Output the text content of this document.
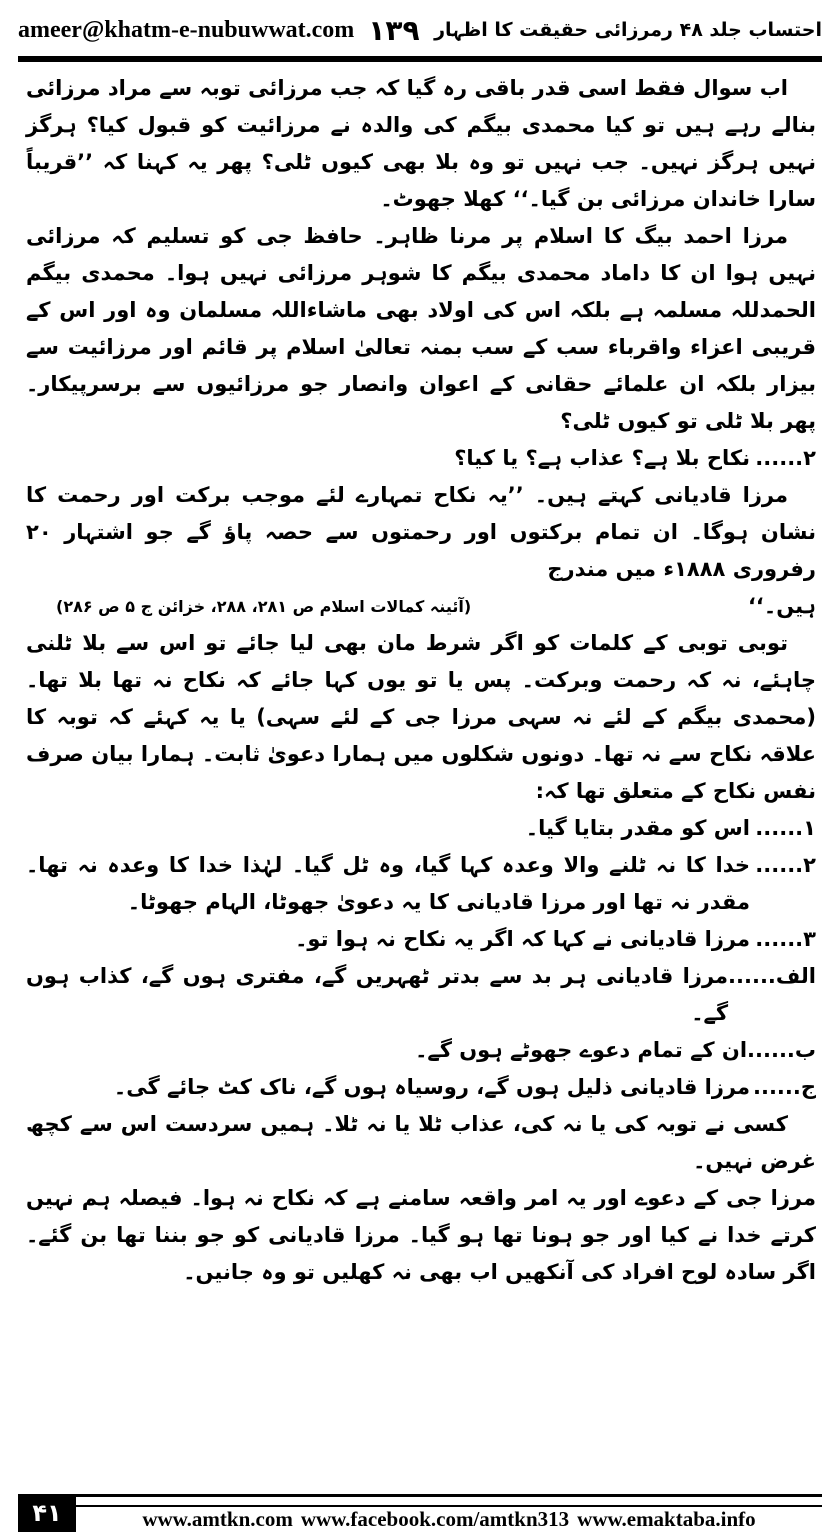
ameer@khatm-e-nubuwwat.com ۱۳۹ احتساب جلد ۴۸ رمرزائی حقیقت کا اظہار

اب سوال فقط اسی قدر باقی رہ گیا کہ جب مرزائی توبہ سے مراد مرزائی بنالے رہے ہیں تو کیا محمدی بیگم کی والدہ نے مرزائیت کو قبول کیا؟ ہرگز نہیں ہرگز نہیں۔ جب نہیں تو وہ بلا بھی کیوں ٹلی؟ پھر یہ کہنا کہ ’’قریباً سارا خاندان مرزائی بن گیا۔‘‘ کھلا جھوٹ۔

مرزا احمد بیگ کا اسلام پر مرنا ظاہر۔ حافظ جی کو تسلیم کہ مرزائی نہیں ہوا ان کا داماد محمدی بیگم کا شوہر مرزائی نہیں ہوا۔ محمدی بیگم الحمدللہ مسلمہ ہے بلکہ اس کی اولاد بھی ماشاءاللہ مسلمان وہ اور اس کے قریبی اعزاء واقرباء سب کے سب بمنہ تعالیٰ اسلام پر قائم اور مرزائیت سے بیزار بلکہ ان علمائے حقانی کے اعوان وانصار جو مرزائیوں سے برسرپیکار۔ پھر بلا ٹلی تو کیوں ٹلی؟

۲......
نکاح بلا ہے؟ عذاب ہے؟ یا کیا؟

مرزا قادیانی کہتے ہیں۔ ’’یہ نکاح تمہارے لئے موجب برکت اور رحمت کا نشان ہوگا۔ ان تمام برکتوں اور رحمتوں سے حصہ پاؤ گے جو اشتہار ۲۰ رفروری ۱۸۸۸ء میں مندرج

ہیں۔‘‘
(آئینہ کمالات اسلام ص ۲۸۱، ۲۸۸، خزائن ج ۵ ص ۲۸۶)

توبی توبی کے کلمات کو اگر شرط مان بھی لیا جائے تو اس سے بلا ٹلنی چاہئے، نہ کہ رحمت وبرکت۔ پس یا تو یوں کہا جائے کہ نکاح نہ تھا بلا تھا۔ (محمدی بیگم کے لئے نہ سہی مرزا جی کے لئے سہی) یا یہ کہئے کہ توبہ کا علاقہ نکاح سے نہ تھا۔ دونوں شکلوں میں ہمارا دعویٰ ثابت۔ ہمارا بیان صرف نفس نکاح کے متعلق تھا کہ:

۱......
اس کو مقدر بتایا گیا۔
۲......
خدا کا نہ ٹلنے والا وعدہ کہا گیا، وہ ٹل گیا۔ لہٰذا خدا کا وعدہ نہ تھا۔ مقدر نہ تھا اور مرزا قادیانی کا یہ دعویٰ جھوٹا، الہام جھوٹا۔
۳......
مرزا قادیانی نے کہا کہ اگر یہ نکاح نہ ہوا تو۔
الف......
مرزا قادیانی ہر بد سے بدتر ٹھہریں گے، مفتری ہوں گے، کذاب ہوں گے۔
ب......
ان کے تمام دعوے جھوٹے ہوں گے۔
ج......
مرزا قادیانی ذلیل ہوں گے، روسیاہ ہوں گے، ناک کٹ جائے گی۔

کسی نے توبہ کی یا نہ کی، عذاب ٹلا یا نہ ٹلا۔ ہمیں سردست اس سے کچھ غرض نہیں۔

مرزا جی کے دعوے اور یہ امر واقعہ سامنے ہے کہ نکاح نہ ہوا۔ فیصلہ ہم نہیں کرتے خدا نے کیا اور جو ہونا تھا ہو گیا۔ مرزا قادیانی کو جو بننا تھا بن گئے۔ اگر سادہ لوح افراد کی آنکھیں اب بھی نہ کھلیں تو وہ جانیں۔

۴۱	www.amtkn.com www.facebook.com/amtkn313 www.emaktaba.info
